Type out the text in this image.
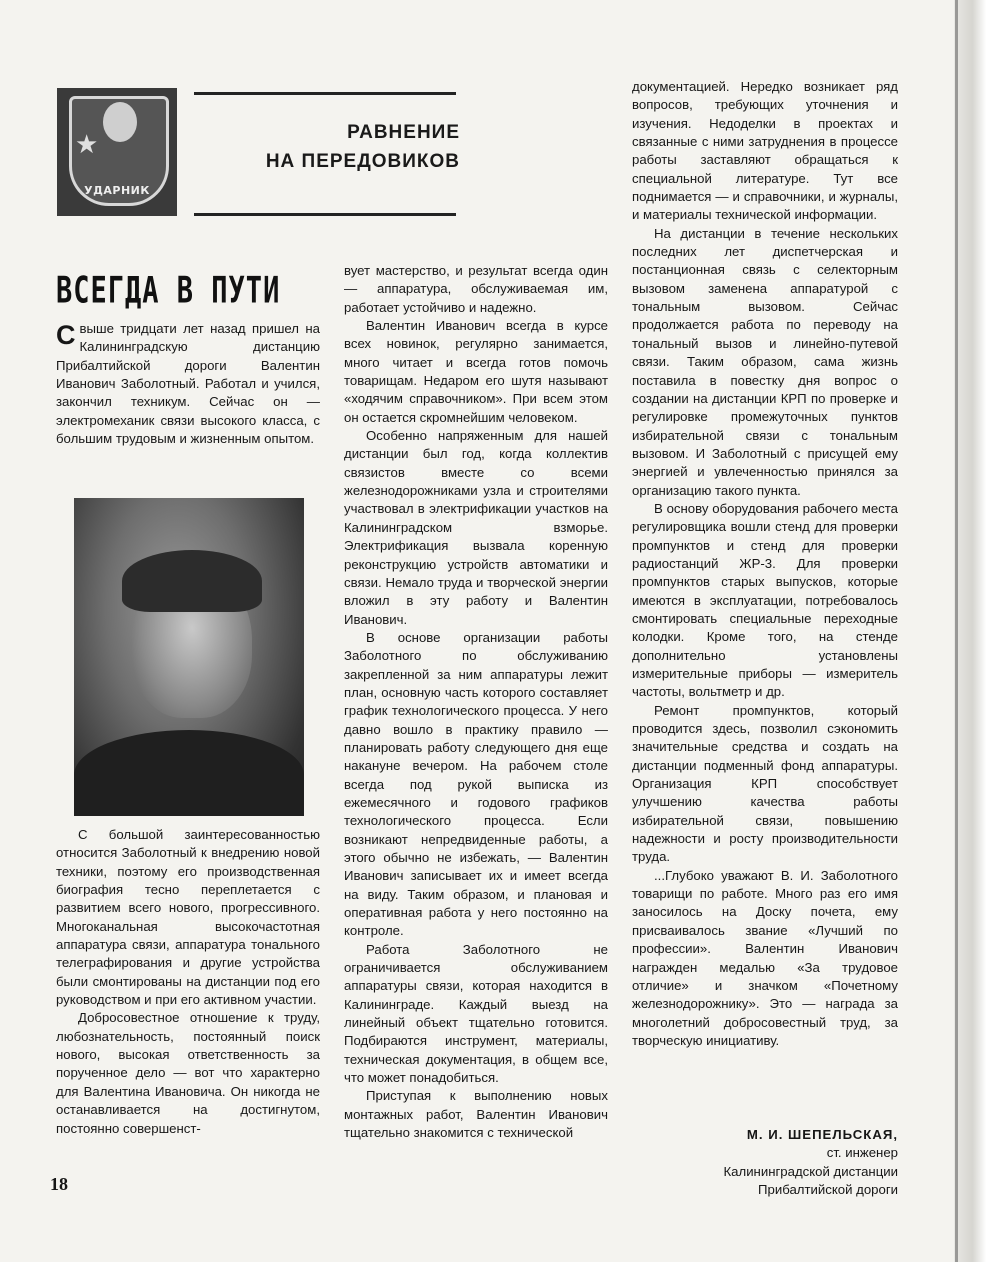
★
УДАРНИК
РАВНЕНИЕ
НА ПЕРЕДОВИКОВ
ВСЕГДА В ПУТИ

Свыше тридцати лет назад пришел на Калининградскую дистанцию Прибалтийской дороги Валентин Иванович Заболотный. Работал и учился, закончил техникум. Сейчас он — электромеханик связи высокого класса, с большим трудовым и жизненным опытом.

С большой заинтересованностью относится Заболотный к внедрению новой техники, поэтому его производственная биография тесно переплетается с развитием всего нового, прогрессивного. Многоканальная высокочастотная аппаратура связи, аппаратура тонального телеграфирования и другие устройства были смонтированы на дистанции под его руководством и при его активном участии.

Добросовестное отношение к труду, любознательность, постоянный поиск нового, высокая ответственность за порученное дело — вот что характерно для Валентина Ивановича. Он никогда не останавливается на достигнутом, постоянно совершенст-

вует мастерство, и результат всегда один — аппаратура, обслуживаемая им, работает устойчиво и надежно.

Валентин Иванович всегда в курсе всех новинок, регулярно занимается, много читает и всегда готов помочь товарищам. Недаром его шутя называют «ходячим справочником». При всем этом он остается скромнейшим человеком.

Особенно напряженным для нашей дистанции был год, когда коллектив связистов вместе со всеми железнодорожниками узла и строителями участвовал в электрификации участков на Калининградском взморье. Электрификация вызвала коренную реконструкцию устройств автоматики и связи. Немало труда и творческой энергии вложил в эту работу и Валентин Иванович.

В основе организации работы Заболотного по обслуживанию закрепленной за ним аппаратуры лежит план, основную часть которого составляет график технологического процесса. У него давно вошло в практику правило — планировать работу следующего дня еще накануне вечером. На рабочем столе всегда под рукой выписка из ежемесячного и годового графиков технологического процесса. Если возникают непредвиденные работы, а этого обычно не избежать, — Валентин Иванович записывает их и имеет всегда на виду. Таким образом, и плановая и оперативная работа у него постоянно на контроле.

Работа Заболотного не ограничивается обслуживанием аппаратуры связи, которая находится в Калининграде. Каждый выезд на линейный объект тщательно готовится. Подбираются инструмент, материалы, техническая документация, в общем все, что может понадобиться.

Приступая к выполнению новых монтажных работ, Валентин Иванович тщательно знакомится с технической

документацией. Нередко возникает ряд вопросов, требующих уточнения и изучения. Недоделки в проектах и связанные с ними затруднения в процессе работы заставляют обращаться к специальной литературе. Тут все поднимается — и справочники, и журналы, и материалы технической информации.

На дистанции в течение нескольких последних лет диспетчерская и постанционная связь с селекторным вызовом заменена аппаратурой с тональным вызовом. Сейчас продолжается работа по переводу на тональный вызов и линейно-путевой связи. Таким образом, сама жизнь поставила в повестку дня вопрос о создании на дистанции КРП по проверке и регулировке промежуточных пунктов избирательной связи с тональным вызовом. И Заболотный с присущей ему энергией и увлеченностью принялся за организацию такого пункта.

В основу оборудования рабочего места регулировщика вошли стенд для проверки промпунктов и стенд для проверки радиостанций ЖР-3. Для проверки промпунктов старых выпусков, которые имеются в эксплуатации, потребовалось смонтировать специальные переходные колодки. Кроме того, на стенде дополнительно установлены измерительные приборы — измеритель частоты, вольтметр и др.

Ремонт промпунктов, который проводится здесь, позволил сэкономить значительные средства и создать на дистанции подменный фонд аппаратуры. Организация КРП способствует улучшению качества работы избирательной связи, повышению надежности и росту производительности труда.

...Глубоко уважают В. И. Заболотного товарищи по работе. Много раз его имя заносилось на Доску почета, ему присваивалось звание «Лучший по профессии». Валентин Иванович награжден медалью «За трудовое отличие» и значком «Почетному железнодорожнику». Это — награда за многолетний добросовестный труд, за творческую инициативу.

М. И. ШЕПЕЛЬСКАЯ,
ст. инженер
Калининградской дистанции
Прибалтийской дороги
18
